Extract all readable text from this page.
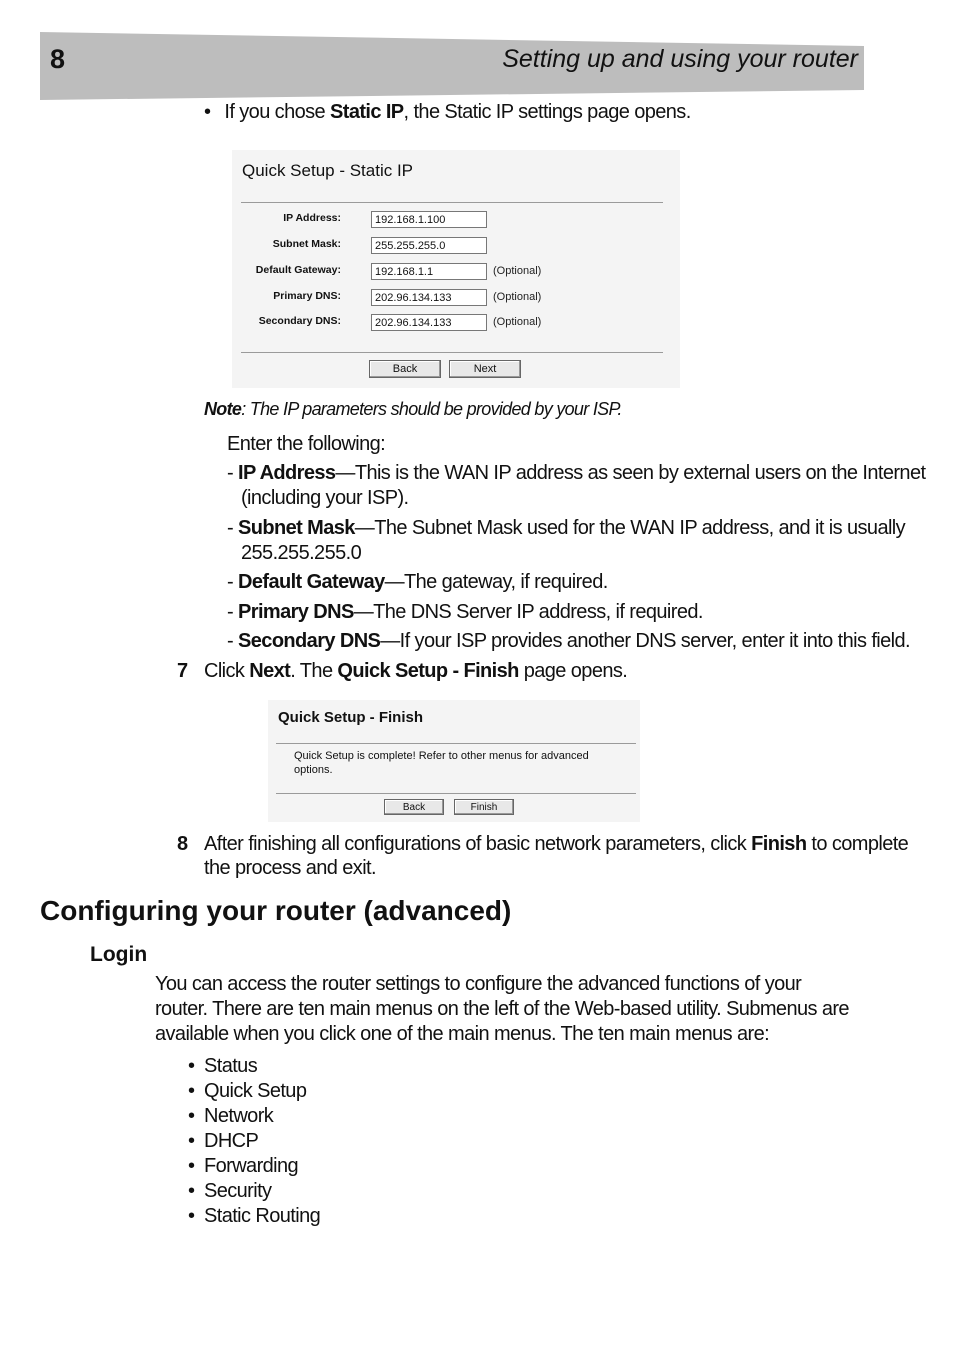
8	Setting up and using your router
• If you chose Static IP, the Static IP settings page opens.
Quick Setup - Static IP
IP Address:
192.168.1.100
Subnet Mask:
255.255.255.0
Default Gateway:
192.168.1.1	(Optional)
Primary DNS:
202.96.134.133	(Optional)
Secondary DNS:
202.96.134.133	(Optional)
Back	Next
Note: The IP parameters should be provided by your ISP.
Enter the following:
- IP Address—This is the WAN IP address as seen by external users on the Internet
(including your ISP).
- Subnet Mask—The Subnet Mask used for the WAN IP address, and it is usually
255.255.255.0
- Default Gateway—The gateway, if required.
- Primary DNS—The DNS Server IP address, if required.
- Secondary DNS—If your ISP provides another DNS server, enter it into this field.
7 Click Next. The Quick Setup - Finish page opens.
Quick Setup - Finish
Quick Setup is complete! Refer to other menus for advanced options.
Back	Finish
8 After finishing all configurations of basic network parameters, click Finish to complete
the process and exit.
Configuring your router (advanced)
Login
You can access the router settings to configure the advanced functions of your router. There are ten main menus on the left of the Web-based utility. Submenus are available when you click one of the main menus. The ten main menus are:
• Status
• Quick Setup
• Network
• DHCP
• Forwarding
• Security
• Static Routing
